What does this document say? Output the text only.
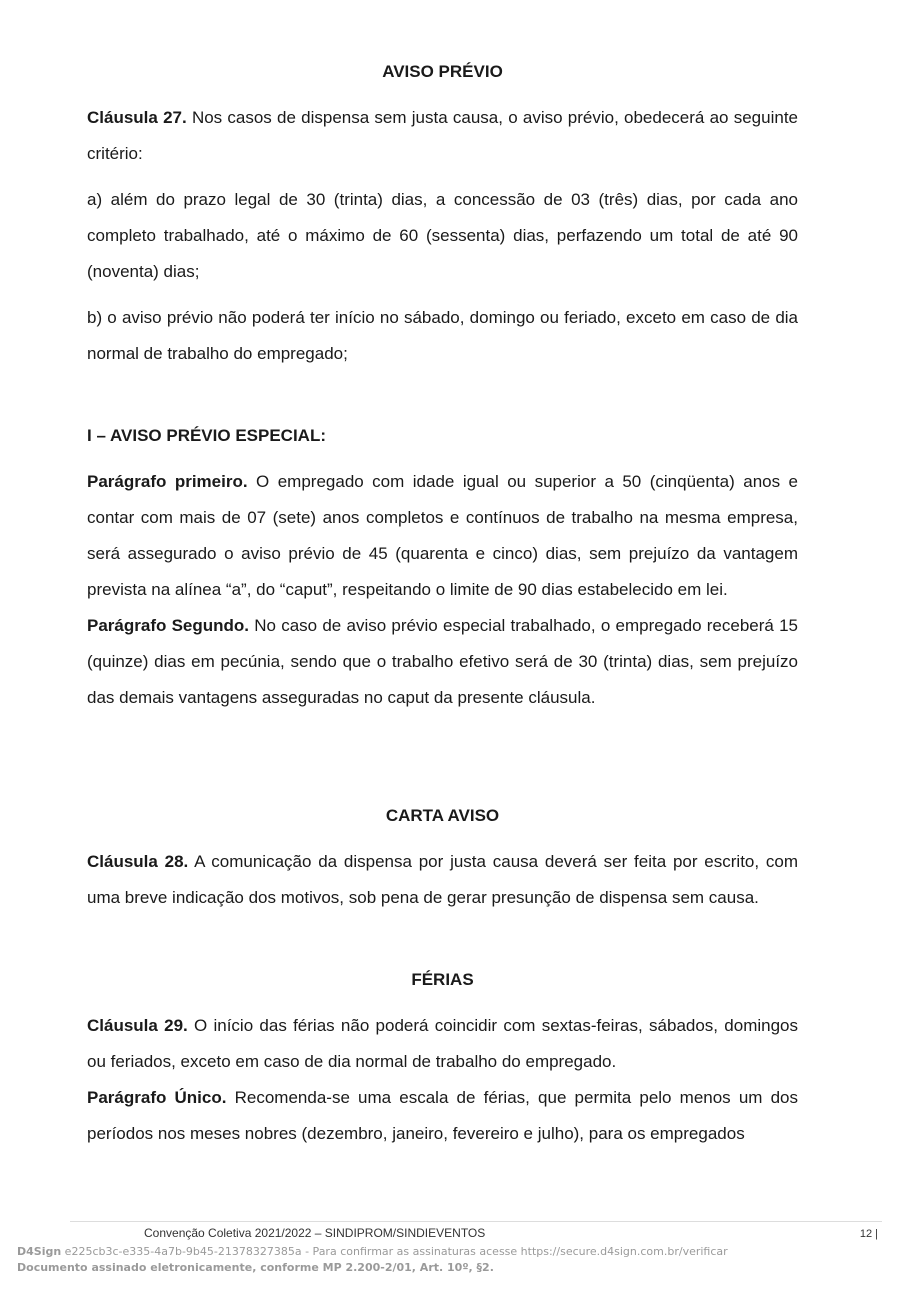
AVISO PRÉVIO

Cláusula 27. Nos casos de dispensa sem justa causa, o aviso prévio, obedecerá ao seguinte critério:

a) além do prazo legal de 30 (trinta) dias, a concessão de 03 (três) dias, por cada ano completo trabalhado, até o máximo de 60 (sessenta) dias, perfazendo um total de até 90 (noventa) dias;

b) o aviso prévio não poderá ter início no sábado, domingo ou feriado, exceto em caso de dia normal de trabalho do empregado;

I – AVISO PRÉVIO ESPECIAL:

Parágrafo primeiro. O empregado com idade igual ou superior a 50 (cinqüenta) anos e contar com mais de 07 (sete) anos completos e contínuos de trabalho na mesma empresa, será assegurado o aviso prévio de 45 (quarenta e cinco) dias, sem prejuízo da vantagem prevista na alínea “a”, do “caput”, respeitando o limite de 90 dias estabelecido em lei.

Parágrafo Segundo. No caso de aviso prévio especial trabalhado, o empregado receberá 15 (quinze) dias em pecúnia, sendo que o trabalho efetivo será de 30 (trinta) dias, sem prejuízo das demais vantagens asseguradas no caput da presente cláusula.

CARTA AVISO

Cláusula 28. A comunicação da dispensa por justa causa deverá ser feita por escrito, com uma breve indicação dos motivos, sob pena de gerar presunção de dispensa sem causa.

FÉRIAS

Cláusula 29. O início das férias não poderá coincidir com sextas-feiras, sábados, domingos ou feriados, exceto em caso de dia normal de trabalho do empregado.

Parágrafo Único. Recomenda-se uma escala de férias, que permita pelo menos um dos períodos nos meses nobres (dezembro, janeiro, fevereiro e julho), para os empregados

Convenção Coletiva 2021/2022 – SINDIPROM/SINDIEVENTOS	12 |
D4Sign e225cb3c-e335-4a7b-9b45-21378327385a - Para confirmar as assinaturas acesse https://secure.d4sign.com.br/verificar
Documento assinado eletronicamente, conforme MP 2.200-2/01, Art. 10º, §2.
